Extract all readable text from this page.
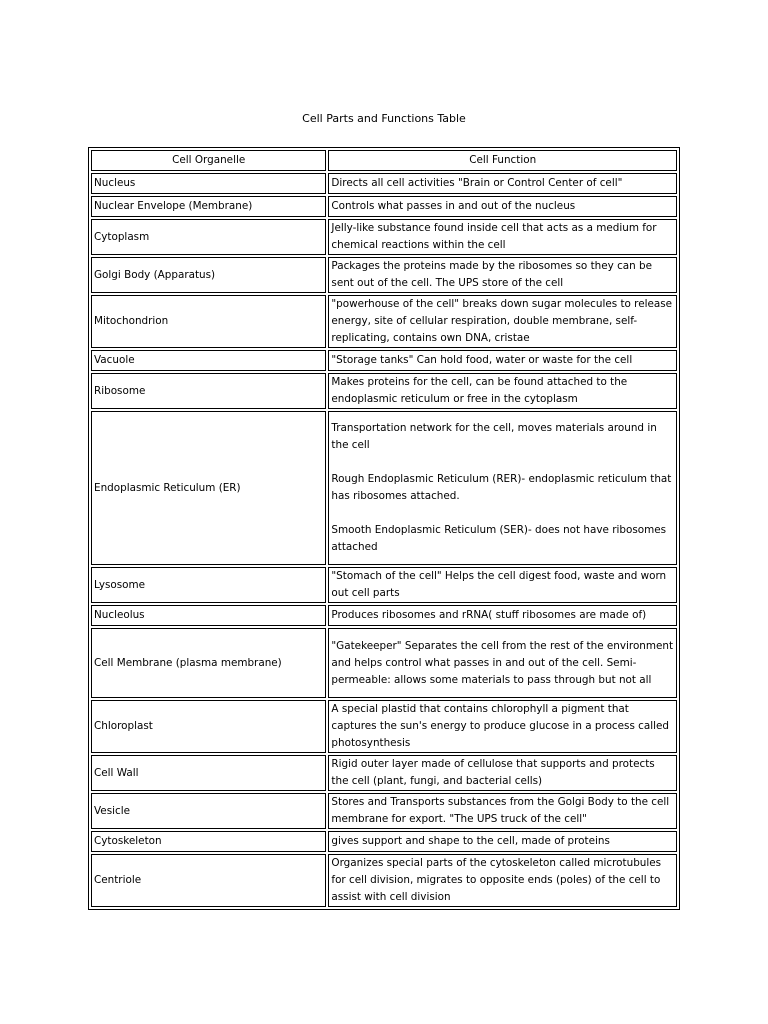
Cell Parts and Functions Table
Cell Organelle	Cell Function
Nucleus	Directs all cell activities "Brain or Control Center of cell"
Nuclear Envelope (Membrane)	Controls what passes in and out of the nucleus
Cytoplasm	Jelly-like substance found inside cell that acts as a medium for chemical reactions within the cell
Golgi Body (Apparatus)	Packages the proteins made by the ribosomes so they can be sent out of the cell. The UPS store of the cell
Mitochondrion	"powerhouse of the cell" breaks down sugar molecules to release energy, site of cellular respiration, double membrane, self-replicating, contains own DNA, cristae
Vacuole	"Storage tanks" Can hold food, water or waste for the cell
Ribosome	Makes proteins for the cell, can be found attached to the endoplasmic reticulum or free in the cytoplasm
Endoplasmic Reticulum (ER)	Transportation network for the cell, moves materials around in the cell

Rough Endoplasmic Reticulum (RER)- endoplasmic reticulum that has ribosomes attached.

Smooth Endoplasmic Reticulum (SER)- does not have ribosomes attached

Lysosome	"Stomach of the cell" Helps the cell digest food, waste and worn out cell parts
Nucleolus	Produces ribosomes and rRNA( stuff ribosomes are made of)
Cell Membrane (plasma membrane)	"Gatekeeper" Separates the cell from the rest of the environment and helps control what passes in and out of the cell. Semi-permeable: allows some materials to pass through but not all
Chloroplast	A special plastid that contains chlorophyll a pigment that captures the sun's energy to produce glucose in a process called photosynthesis
Cell Wall	Rigid outer layer made of cellulose that supports and protects the cell (plant, fungi, and bacterial cells)
Vesicle	Stores and Transports substances from the Golgi Body to the cell membrane for export. "The UPS truck of the cell"
Cytoskeleton	gives support and shape to the cell, made of proteins
Centriole	Organizes special parts of the cytoskeleton called microtubules for cell division, migrates to opposite ends (poles) of the cell to assist with cell division
